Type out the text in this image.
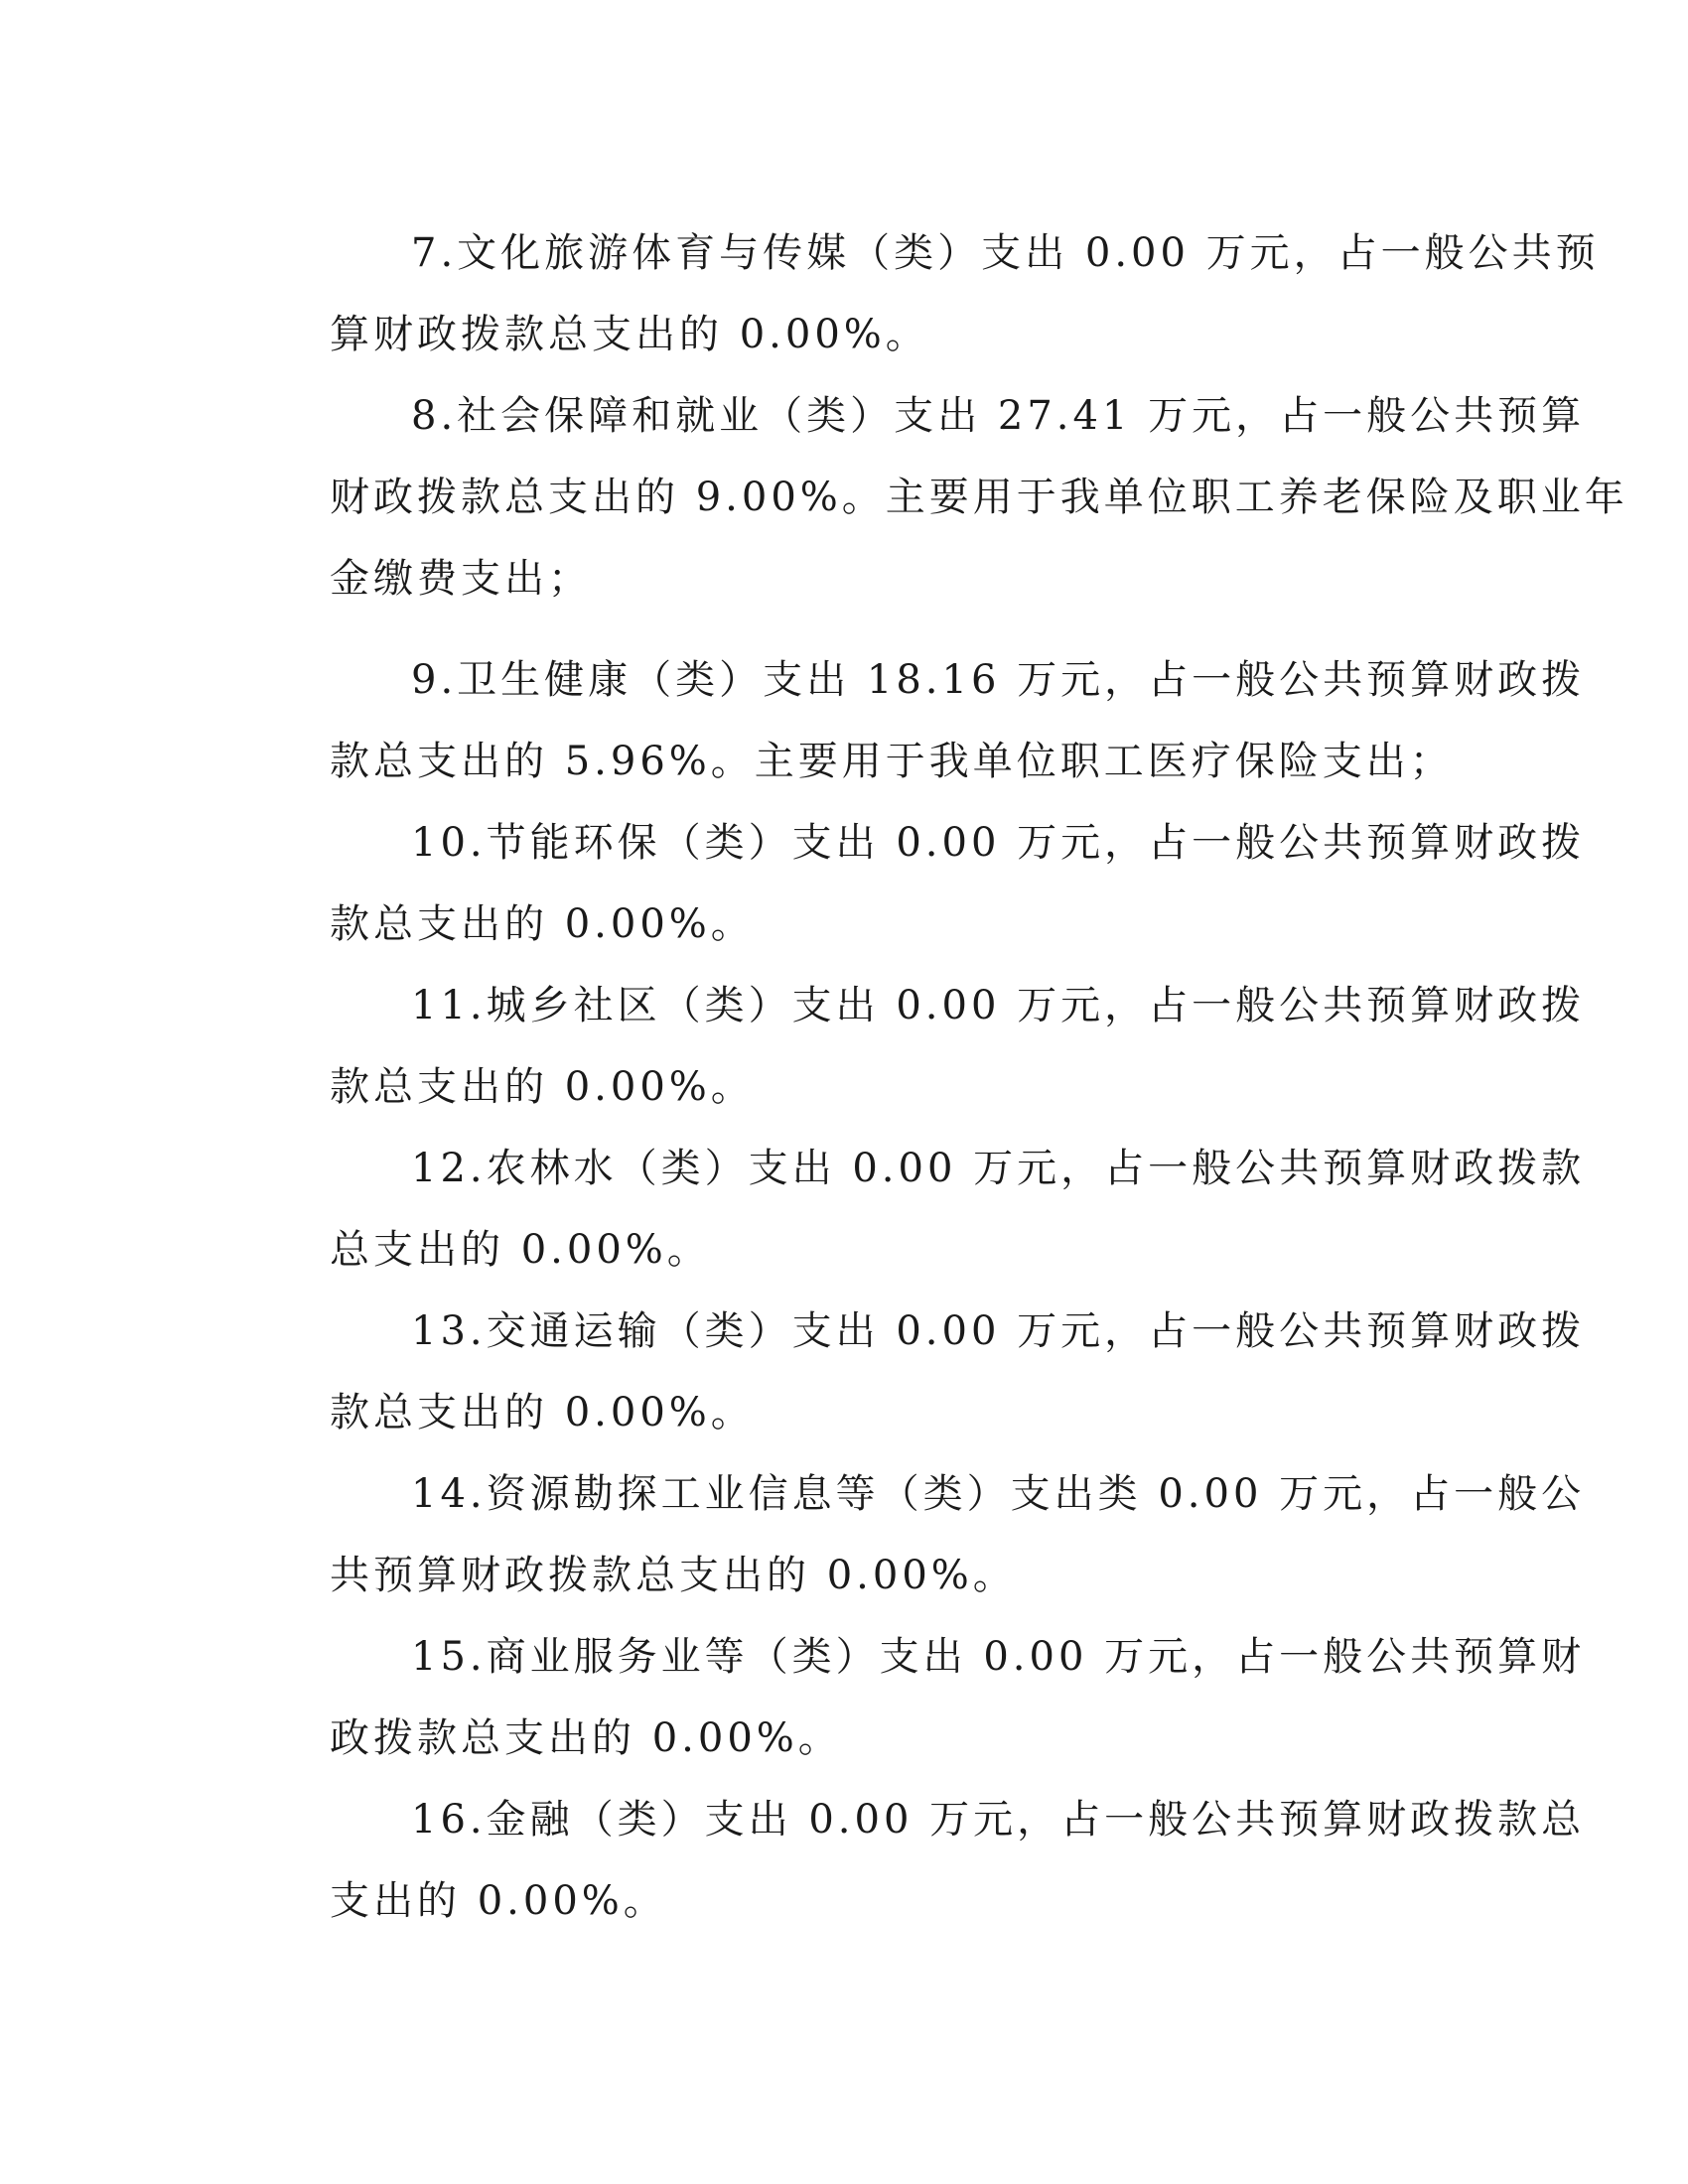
7.文化旅游体育与传媒（类）支出 0.00 万元，占一般公共预
算财政拨款总支出的 0.00%。

8.社会保障和就业（类）支出 27.41 万元，占一般公共预算
财政拨款总支出的 9.00%。主要用于我单位职工养老保险及职业年
金缴费支出；

9.卫生健康（类）支出 18.16 万元，占一般公共预算财政拨
款总支出的 5.96%。主要用于我单位职工医疗保险支出；

10.节能环保（类）支出 0.00 万元，占一般公共预算财政拨
款总支出的 0.00%。

11.城乡社区（类）支出 0.00 万元，占一般公共预算财政拨
款总支出的 0.00%。

12.农林水（类）支出 0.00 万元，占一般公共预算财政拨款
总支出的 0.00%。

13.交通运输（类）支出 0.00 万元，占一般公共预算财政拨
款总支出的 0.00%。

14.资源勘探工业信息等（类）支出类 0.00 万元，占一般公
共预算财政拨款总支出的 0.00%。

15.商业服务业等（类）支出 0.00 万元，占一般公共预算财
政拨款总支出的 0.00%。

16.金融（类）支出 0.00 万元，占一般公共预算财政拨款总
支出的 0.00%。
